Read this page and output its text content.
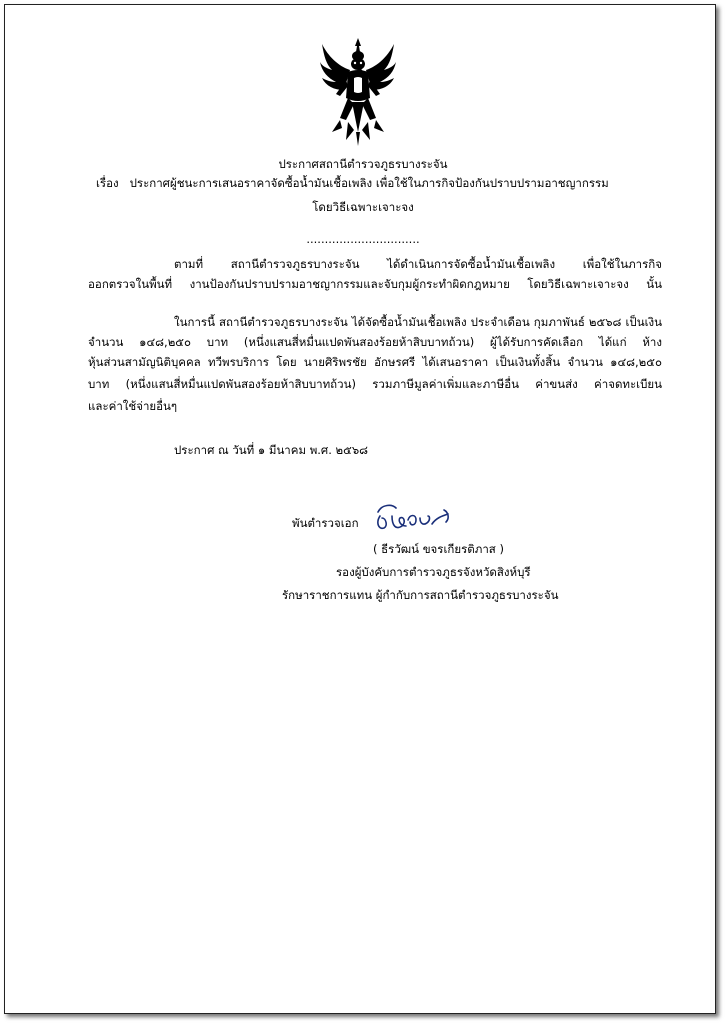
ประกาศสถานีตำรวจภูธรบางระจัน
เรื่อง ประกาศผู้ชนะการเสนอราคาจัดซื้อน้ำมันเชื้อเพลิง เพื่อใช้ในภารกิจป้องกันปราบปรามอาชญากรรม
โดยวิธีเฉพาะเจาะจง
...............................
ตามที่ สถานีตำรวจภูธรบางระจัน ได้ดำเนินการจัดซื้อน้ำมันเชื้อเพลิง เพื่อใช้ในภารกิจ
ออกตรวจในพื้นที่ งานป้องกันปราบปรามอาชญากรรมและจับกุมผู้กระทำผิดกฎหมาย โดยวิธีเฉพาะเจาะจง นั้น
ในการนี้ สถานีตำรวจภูธรบางระจัน ได้จัดซื้อน้ำมันเชื้อเพลิง ประจำเดือน กุมภาพันธ์ ๒๕๖๘ เป็นเงิน
จำนวน ๑๔๘,๒๕๐ บาท (หนึ่งแสนสี่หมื่นแปดพันสองร้อยห้าสิบบาทถ้วน) ผู้ได้รับการคัดเลือก ได้แก่ ห้าง
หุ้นส่วนสามัญนิติบุคคล ทวีพรบริการ โดย นายศิริพรชัย อักษรศรี ได้เสนอราคา เป็นเงินทั้งสิ้น จำนวน ๑๔๘,๒๕๐
บาท (หนึ่งแสนสี่หมื่นแปดพันสองร้อยห้าสิบบาทถ้วน) รวมภาษีมูลค่าเพิ่มและภาษีอื่น ค่าขนส่ง ค่าจดทะเบียน
และค่าใช้จ่ายอื่นๆ
ประกาศ ณ วันที่ ๑ มีนาคม พ.ศ. ๒๕๖๘
พันตำรวจเอก
( ธีรวัฒน์ ขจรเกียรติภาส )
รองผู้บังคับการตำรวจภูธรจังหวัดสิงห์บุรี
รักษาราชการแทน ผู้กำกับการสถานีตำรวจภูธรบางระจัน
